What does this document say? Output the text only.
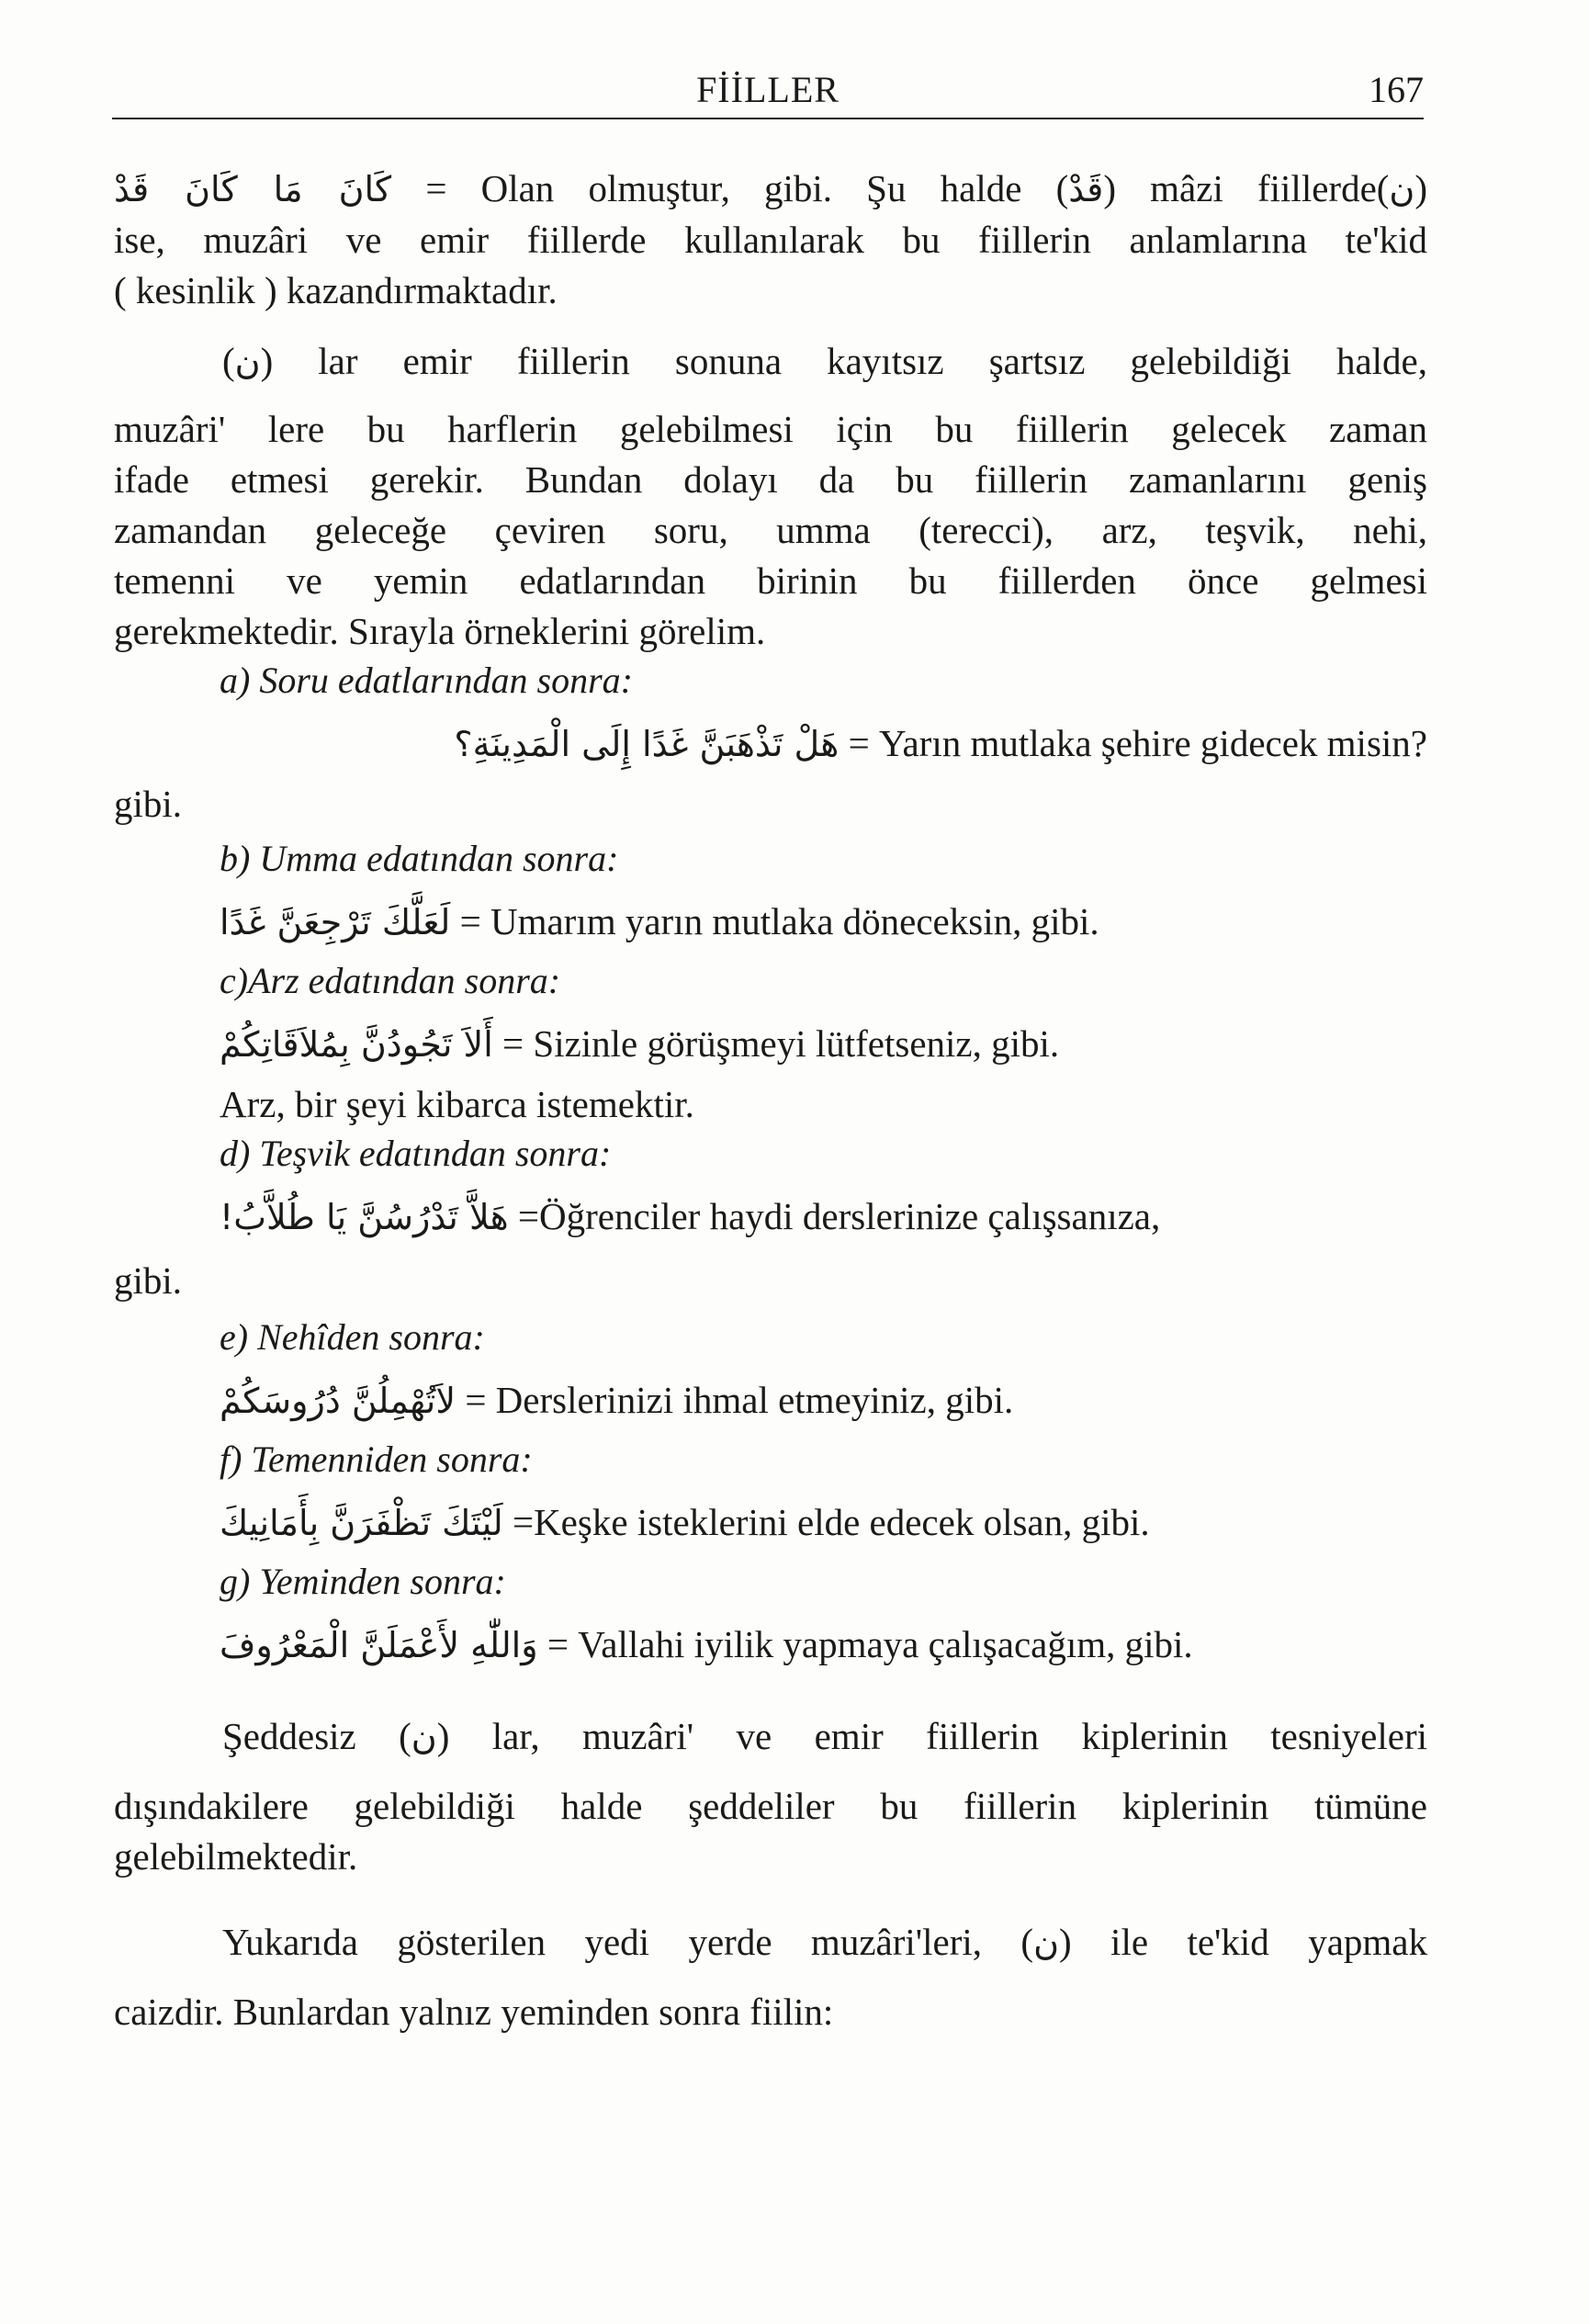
FİİLLER	167

كَانَ مَا كَانَ قَدْ = Olan olmuştur, gibi. Şu halde (قَدْ) mâzi fiillerde(ن)

ise, muzâri ve emir fiillerde kullanılarak bu fiillerin anlamlarına te'kid

( kesinlik ) kazandırmaktadır.

(ن) lar emir fiillerin sonuna kayıtsız şartsız gelebildiği halde,

muzâri' lere bu harflerin gelebilmesi için bu fiillerin gelecek zaman

ifade etmesi gerekir. Bundan dolayı da bu fiillerin zamanlarını geniş

zamandan geleceğe çeviren soru, umma (terecci), arz, teşvik, nehi,

temenni ve yemin edatlarından birinin bu fiillerden önce gelmesi

gerekmektedir. Sırayla örneklerini görelim.

a) Soru edatlarından sonra:
هَلْ تَذْهَبَنَّ غَدًا إِلَى الْمَدِينَةِ؟ = Yarın mutlaka şehire gidecek misin?
gibi.
b) Umma edatından sonra:
لَعَلَّكَ تَرْجِعَنَّ غَدًا = Umarım yarın mutlaka döneceksin, gibi.
c)Arz edatından sonra:
أَلاَ تَجُودُنَّ بِمُلاَقَاتِكُمْ = Sizinle görüşmeyi lütfetseniz, gibi.
Arz, bir şeyi kibarca istemektir.
d) Teşvik edatından sonra:
هَلاَّ تَدْرُسُنَّ يَا طُلاَّبُ! =Öğrenciler haydi derslerinize çalışsanıza,
gibi.
e) Nehîden sonra:
لاَتُهْمِلُنَّ دُرُوسَكُمْ = Derslerinizi ihmal etmeyiniz, gibi.
f) Temenniden sonra:
لَيْتَكَ تَظْفَرَنَّ بِأَمَانِيكَ =Keşke isteklerini elde edecek olsan, gibi.
g) Yeminden sonra:
وَاللّٰهِ لأَعْمَلَنَّ الْمَعْرُوفَ = Vallahi iyilik yapmaya çalışacağım, gibi.

Şeddesiz (ن) lar, muzâri' ve emir fiillerin kiplerinin tesniyeleri

dışındakilere gelebildiği halde şeddeliler bu fiillerin kiplerinin tümüne

gelebilmektedir.

Yukarıda gösterilen yedi yerde muzâri'leri, (ن) ile te'kid yapmak

caizdir. Bunlardan yalnız yeminden sonra fiilin:
